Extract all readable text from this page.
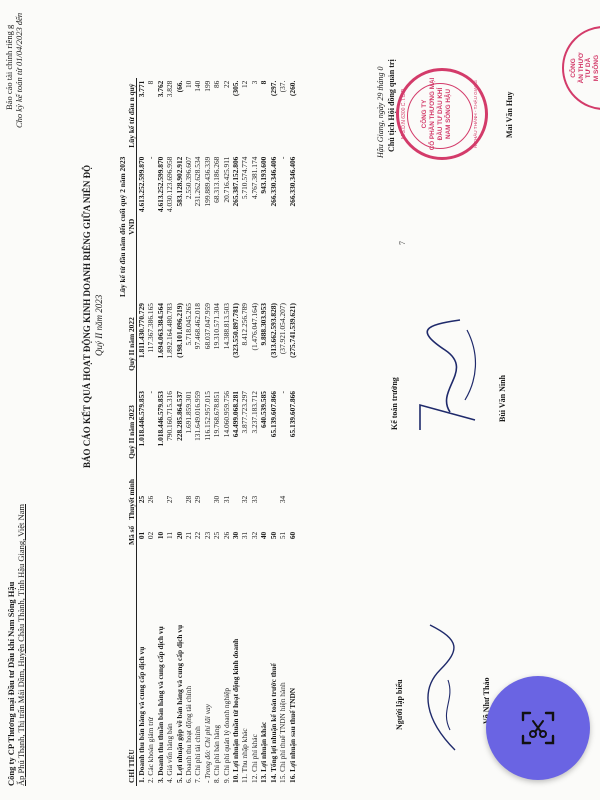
Công ty CP Thương mại Đầu tư Dầu khí Nam Sông Hậu Ấp Phú Thạnh, Thị trấn Mái Dầm, Huyện Châu Thành, Tỉnh Hậu Giang, Việt Nam
Báo cáo tài chính riêng g Cho kỳ kế toán từ 01/04/2023 đến
BÁO CÁO KẾT QUẢ HOẠT ĐỘNG KINH DOANH RIÊNG GIỮA NIÊN ĐỘ Quý II năm 2023
CHỈ TIÊU	Mã số	Thuyết minh	Quý II năm 2023	Quý II năm 2022	Lũy kế từ đầu năm đến cuối quý 2 năm 2023
VND	Lũy kế từ đầu n quý
1. Doanh thu bán hàng và cung cấp dịch vụ	01	25	1.018.446.579.853	1.811.430.770.729	4.613.252.599.870	3.771
2. Các khoản giảm trừ	02	26	-	117.367.386.165	-	8
3. Doanh thu thuần bán hàng và cung cấp dịch vụ	10		1.018.446.579.853	1.694.063.384.564	4.613.252.599.870	3.762
4. Giá vốn hàng bán	11	27	790.160.715.316	1.892.164.480.783	4.030.123.696.958	3.828
5. Lợi nhuận gộp về bán hàng và cung cấp dịch vụ	20		228.285.864.537	(198.101.096.219)	583.128.902.912	(66.
6. Doanh thu hoạt động tài chính	21	28	1.691.859.301	5.718.045.265	2.550.396.607	10
7. Chi phí tài chính	22	29	131.649.016.959	97.468.462.018	231.262.628.534	140
- Trong đó: Chi phí lãi vay	23		116.152.957.015	68.037.047.959	199.889.436.339	199
8. Chi phí bán hàng	25	30	19.768.678.851	19.310.571.304	68.313.186.268	86
9. Chi phí quản lý doanh nghiệp	26	31	14.060.959.756	14.388.813.503	20.716.425.911	22
10. Lợi nhuận thuần từ hoạt động kinh doanh	30		64.499.068.281	(323.550.897.781)	265.387.152.806	(305.
11. Thu nhập khác	31	32	3.877.723.297	8.412.256.789	5.710.574.774	12
12. Chi phí khác	32	33	3.237.183.712	(1.476.047.164)	4.767.381.174	3
13. Lợi nhuận khác	40		640.539.585	9.888.303.953	943.193.600	8
14. Tổng lợi nhuận kế toán trước thuế	50		65.139.607.866	(313.662.593.828)	266.330.346.406	(297.
15. Chi phí thuế TNDN hiện hành	51	34	-	(37.921.054.207)	-	(37.
16. Lợi nhuận sau thuế TNDN	60		65.139.607.866	(275.741.539.621)	266.330.346.406	(260.
Người lập biểu	Võ Như Thảo
Kế toán trưởng	Bùi Văn Ninh
7
Hậu Giang, ngày 29 tháng 0 Chủ tịch Hội đồng quản trị	CÔNG TY CỔ PHẦN THƯƠNG MẠI ĐẦU TƯ DẦU KHÍ NAM SÔNG HẬU
M.S.D.N 6300 C.T.C.P	H.CHÂU THÀNH - T.HẬU GIANG	Mai Văn Huy
CÔNG ẦN THƯƠ TƯ DẦ M SÔNG
